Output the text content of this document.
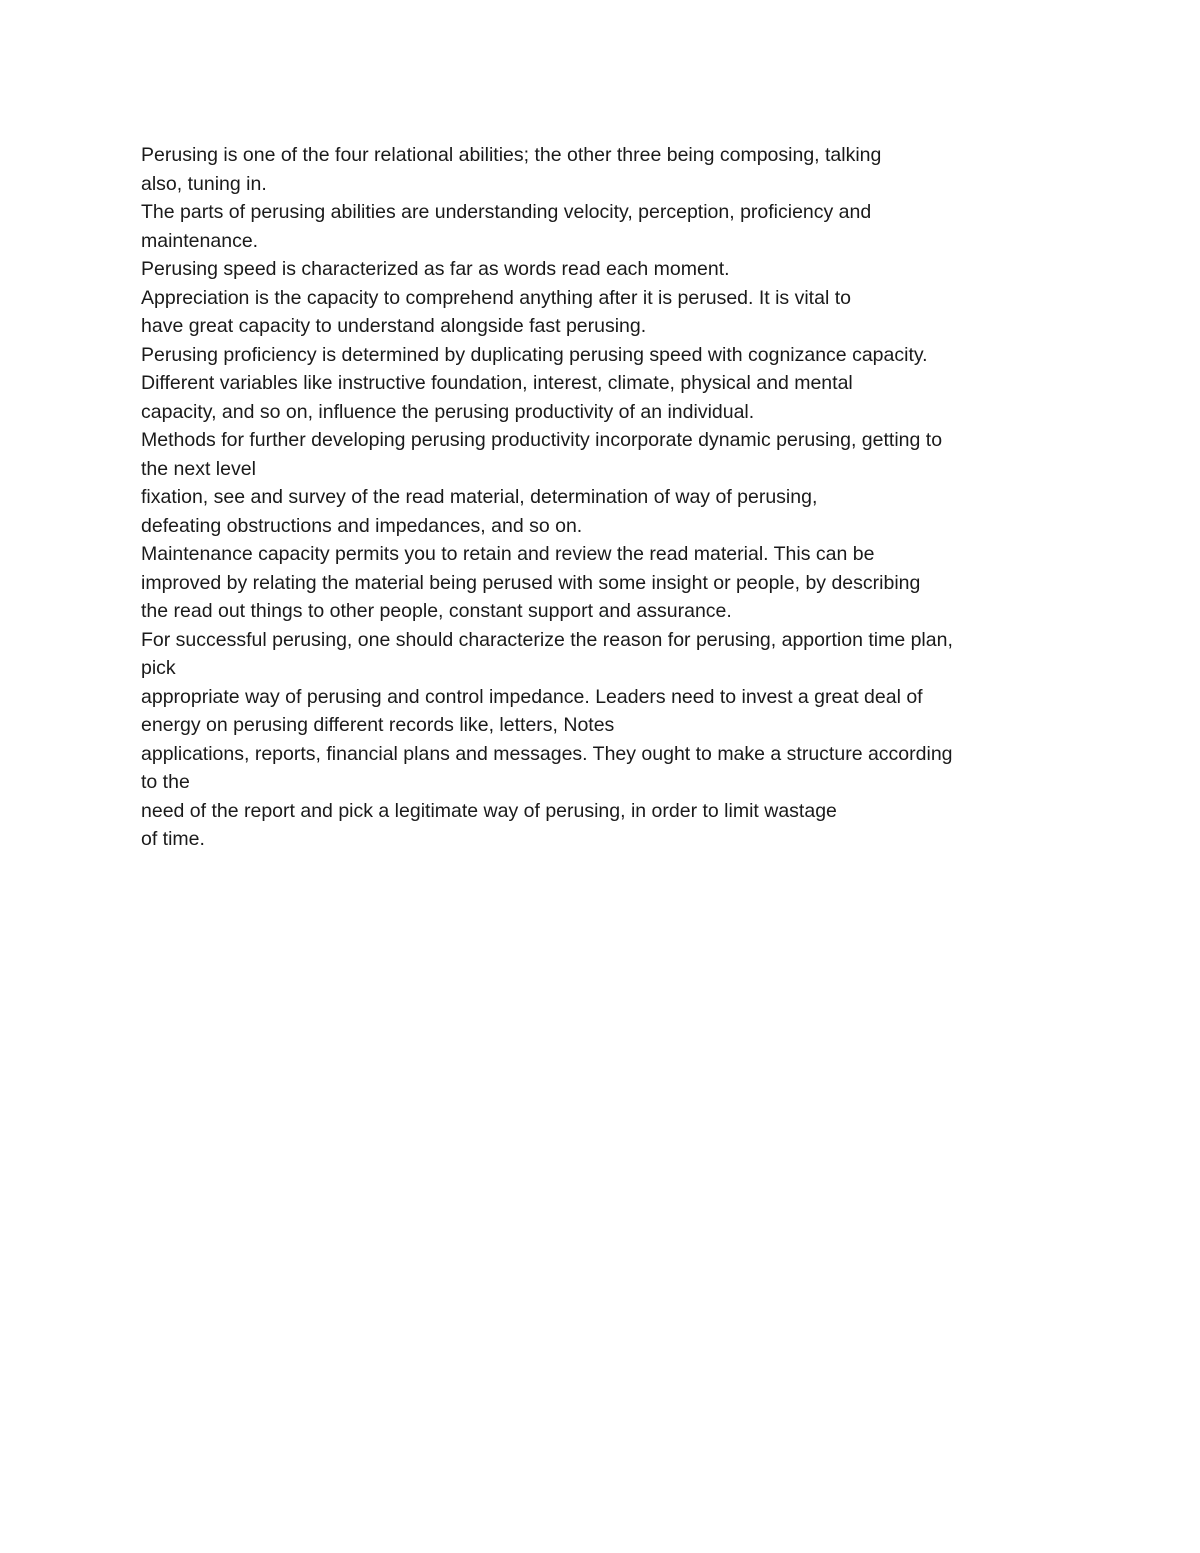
Perusing is one of the four relational abilities; the other three being composing, talking
also, tuning in.
The parts of perusing abilities are understanding velocity, perception, proficiency and
maintenance.
Perusing speed is characterized as far as words read each moment.
Appreciation is the capacity to comprehend anything after it is perused. It is vital to
have great capacity to understand alongside fast perusing.
Perusing proficiency is determined by duplicating perusing speed with cognizance capacity.
Different variables like instructive foundation, interest, climate, physical and mental
capacity, and so on, influence the perusing productivity of an individual.
Methods for further developing perusing productivity incorporate dynamic perusing, getting to
the next level
fixation, see and survey of the read material, determination of way of perusing,
defeating obstructions and impedances, and so on.
Maintenance capacity permits you to retain and review the read material. This can be
improved by relating the material being perused with some insight or people, by describing
the read out things to other people, constant support and assurance.
For successful perusing, one should characterize the reason for perusing, apportion time plan,
pick
appropriate way of perusing and control impedance. Leaders need to invest a great deal of
energy on perusing different records like, letters, Notes
applications, reports, financial plans and messages. They ought to make a structure according
to the
need of the report and pick a legitimate way of perusing, in order to limit wastage
of time.
